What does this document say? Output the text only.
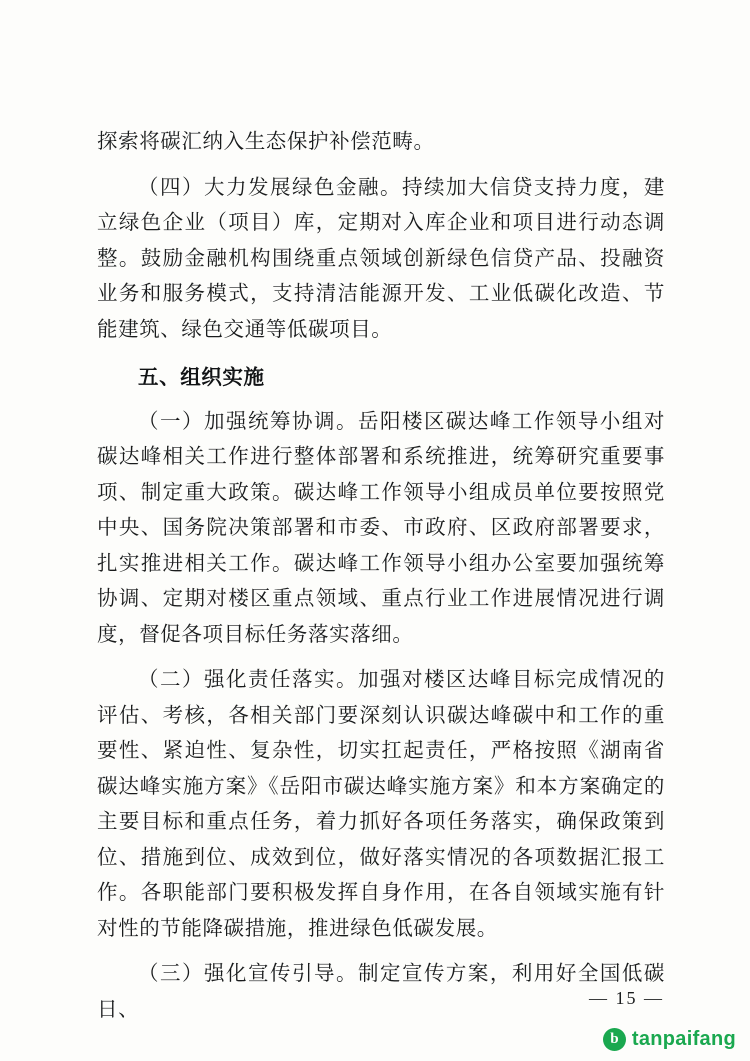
探索将碳汇纳入生态保护补偿范畴。

（四）大力发展绿色金融。持续加大信贷支持力度，建立绿色企业（项目）库，定期对入库企业和项目进行动态调整。鼓励金融机构围绕重点领域创新绿色信贷产品、投融资业务和服务模式，支持清洁能源开发、工业低碳化改造、节能建筑、绿色交通等低碳项目。

五、组织实施

（一）加强统筹协调。岳阳楼区碳达峰工作领导小组对碳达峰相关工作进行整体部署和系统推进，统筹研究重要事项、制定重大政策。碳达峰工作领导小组成员单位要按照党中央、国务院决策部署和市委、市政府、区政府部署要求，扎实推进相关工作。碳达峰工作领导小组办公室要加强统筹协调、定期对楼区重点领域、重点行业工作进展情况进行调度，督促各项目标任务落实落细。

（二）强化责任落实。加强对楼区达峰目标完成情况的评估、考核，各相关部门要深刻认识碳达峰碳中和工作的重要性、紧迫性、复杂性，切实扛起责任，严格按照《湖南省碳达峰实施方案》《岳阳市碳达峰实施方案》和本方案确定的主要目标和重点任务，着力抓好各项任务落实，确保政策到位、措施到位、成效到位，做好落实情况的各项数据汇报工作。各职能部门要积极发挥自身作用，在各自领域实施有针对性的节能降碳措施，推进绿色低碳发展。

（三）强化宣传引导。制定宣传方案，利用好全国低碳日、

— 15 —
b tanpaifang
